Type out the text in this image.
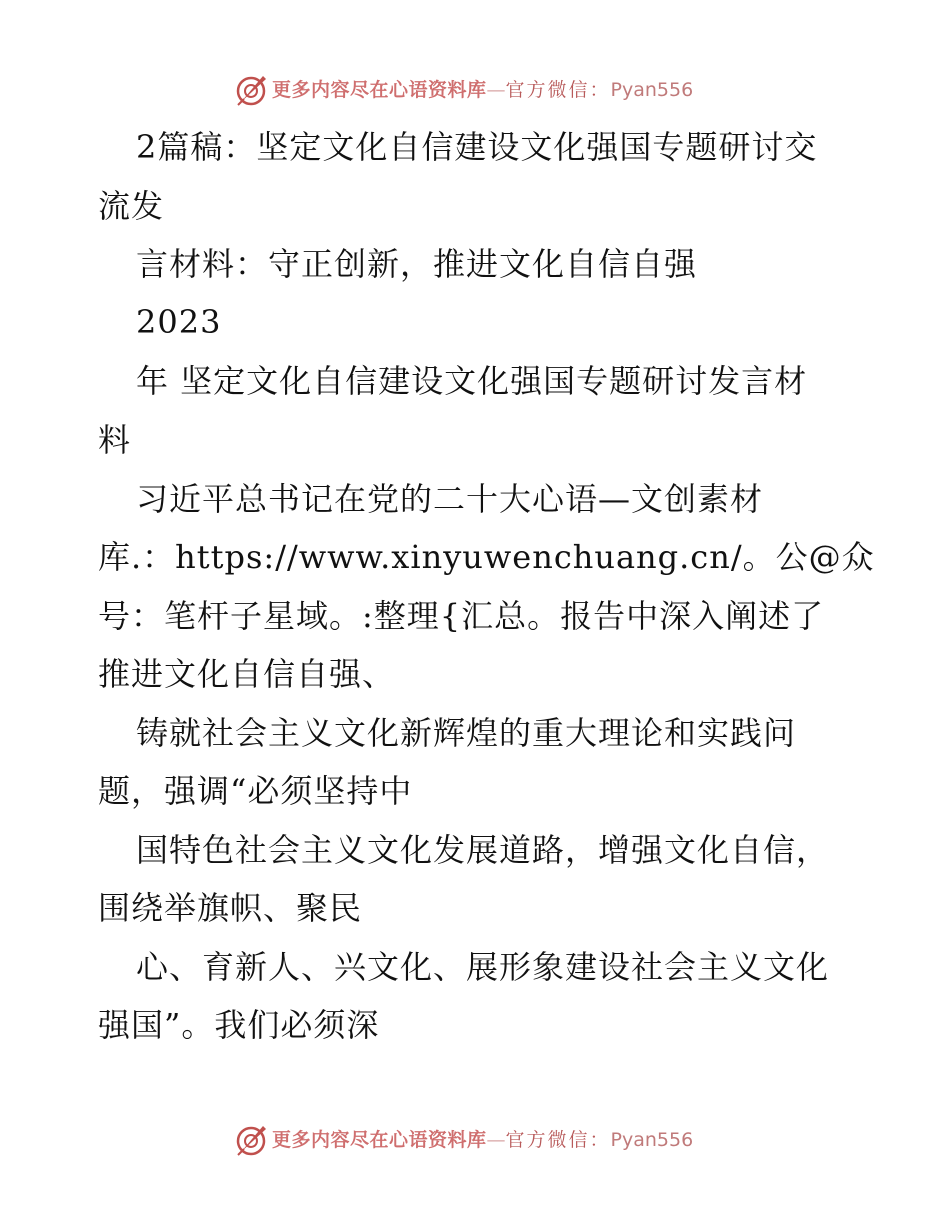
更多内容尽在心语资料库—官方微信：Pyan556

2篇稿：坚定文化自信建设文化强国专题研讨交

流发

言材料：守正创新，推进文化自信自强

2023

年 坚定文化自信建设文化强国专题研讨发言材

料

习近平总书记在党的二十大心语—文创素材

库.：https://www.xinyuwenchuang.cn/。公@众

号：笔杆子星域。:整理{汇总。报告中深入阐述了

推进文化自信自强、

铸就社会主义文化新辉煌的重大理论和实践问

题，强调“必须坚持中

国特色社会主义文化发展道路，增强文化自信，

围绕举旗帜、聚民

心、育新人、兴文化、展形象建设社会主义文化

强国”。我们必须深

更多内容尽在心语资料库—官方微信：Pyan556
